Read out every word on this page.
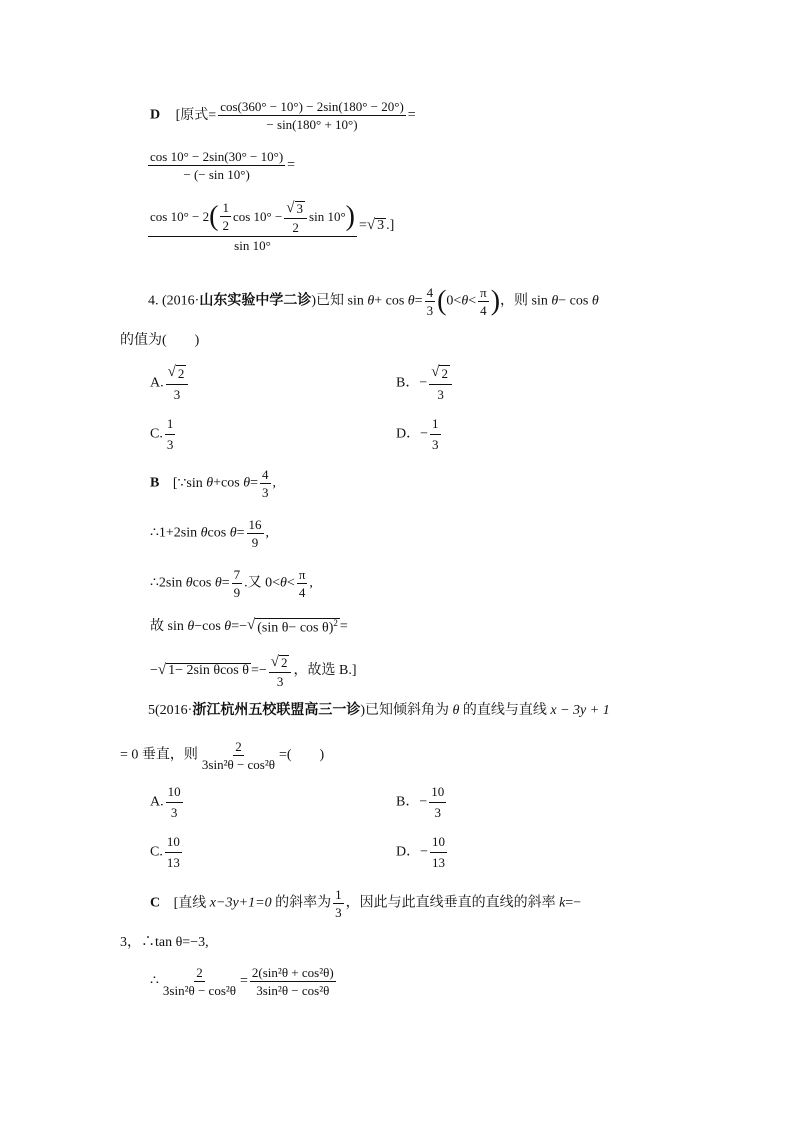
D [原式= $\frac{\cos(360^\circ - 10^\circ) - 2\sin(180^\circ - 20^\circ)}{- \sin(180^\circ + 10^\circ)}$ =
$\frac{\cos 10^\circ - 2\sin(30^\circ - 10^\circ)}{- (- \sin 10^\circ)}$ =
cos 10° − 2 ( $\frac{1}{2}$ $\cos 10^\circ - \frac{√ 3}{2}$ sin 10° )
sin 10°
= √ 3 .]
4. (2016·山东实验中学二诊)已知 $\sin \theta+ \cos \theta= \frac{4}{3} (0<\theta< \frac{\pi}{4}$ )，则 sin θ− cos θ
的值为(　　)
A. $\frac{√ 2}{3}$	B．− $\frac{√ 2}{3}$
C. $\frac{1}{3}$	D．− $\frac{1}{3}$
B [∵sin θ+cos $\theta= \frac{4}{3}$ ,
∴1+2sin θcos $\theta= \frac{16}{9}$ ,
∴2sin θcos $\theta= \frac{7}{9}$ .又 $0<\theta< \frac{\pi}{4}$ ,
故 sin θ−cos θ=− √ (sin θ− cos θ)$^2$ =
− √ 1− 2sin θcos $\theta =- \frac{√ 2}{3}$ ，故选 B.]
5(2016·浙江杭州五校联盟高三一诊)已知倾斜角为 θ 的直线与直线 x − 3y + 1
= 0 垂直，则 $\frac{2}{\text{3sin²θ − cos²θ}}$ =(　　)
A. $\frac{10}{3}$	B．− $\frac{10}{3}$
C. $\frac{10}{13}$	D．− $\frac{10}{13}$
C [直线 x−3y+1=0 的斜率为 $\frac{1}{3}$ ，因此与此直线垂直的直线的斜率 k=−
3，∴tan θ=−3,
∴ $\frac{2}{\text{3sin²θ − cos²θ}} = \frac{\text{2(sin²θ + cos²θ)}}{\text{3sin²θ − cos²θ}}$
